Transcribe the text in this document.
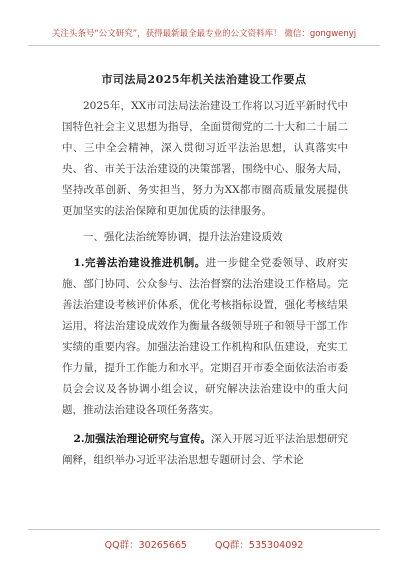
关注头条号“公文研究”，获得最新最全最专业的公文资料库！ 微信：gongwenyj
市司法局2025年机关法治建设工作要点

2025年，XX市司法局法治建设工作将以习近平新时代中国特色社会主义思想为指导，全面贯彻党的二十大和二十届二中、三中全会精神，深入贯彻习近平法治思想，认真落实中央、省、市关于法治建设的决策部署，围绕中心、服务大局，坚持改革创新、务实担当，努力为XX都市圈高质量发展提供更加坚实的法治保障和更加优质的法律服务。

一、强化法治统筹协调，提升法治建设质效

1.完善法治建设推进机制。进一步健全党委领导、政府实施、部门协同、公众参与、法治督察的法治建设工作格局。完善法治建设考核评价体系，优化考核指标设置，强化考核结果运用，将法治建设成效作为衡量各级领导班子和领导干部工作实绩的重要内容。加强法治建设工作机构和队伍建设，充实工作力量，提升工作能力和水平。定期召开市委全面依法治市委员会会议及各协调小组会议，研究解决法治建设中的重大问题，推动法治建设各项任务落实。

2.加强法治理论研究与宣传。深入开展习近平法治思想研究阐释，组织举办习近平法治思想专题研讨会、学术论

QQ群：30265665	QQ群：535304092
